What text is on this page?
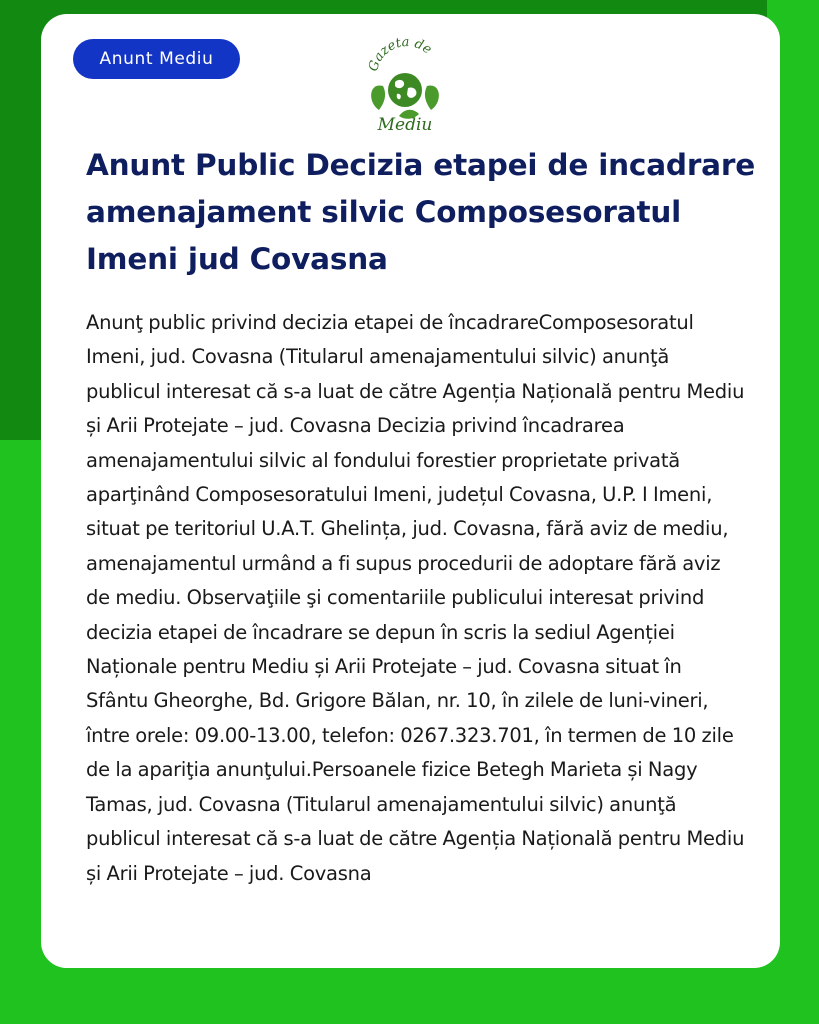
Anunt Mediu	Gazeta de
Mediu
Anunt Public Decizia etapei de incadrare amenajament silvic Composesoratul Imeni jud Covasna

Anunţ public privind decizia etapei de încadrareComposesoratul Imeni, jud. Covasna (Titularul amenajamentului silvic) anunţă publicul interesat că s-a luat de către Agenția Națională pentru Mediu și Arii Protejate – jud. Covasna Decizia privind încadrarea amenajamentului silvic al fondului forestier proprietate privată aparţinând Composesoratului Imeni, județul Covasna, U.P. I Imeni, situat pe teritoriul U.A.T. Ghelința, jud. Covasna, fără aviz de mediu, amenajamentul urmând a fi supus procedurii de adoptare fără aviz de mediu. Observaţiile şi comentariile publicului interesat privind decizia etapei de încadrare se depun în scris la sediul Agenției Naționale pentru Mediu și Arii Protejate – jud. Covasna situat în Sfântu Gheorghe, Bd. Grigore Bălan, nr. 10, în zilele de luni-vineri, între orele: 09.00-13.00, telefon: 0267.323.701, în termen de 10 zile de la apariţia anunţului.Persoanele fizice Betegh Marieta și Nagy Tamas, jud. Covasna (Titularul amenajamentului silvic) anunţă publicul interesat că s-a luat de către Agenția Națională pentru Mediu și Arii Protejate – jud. Covasna
